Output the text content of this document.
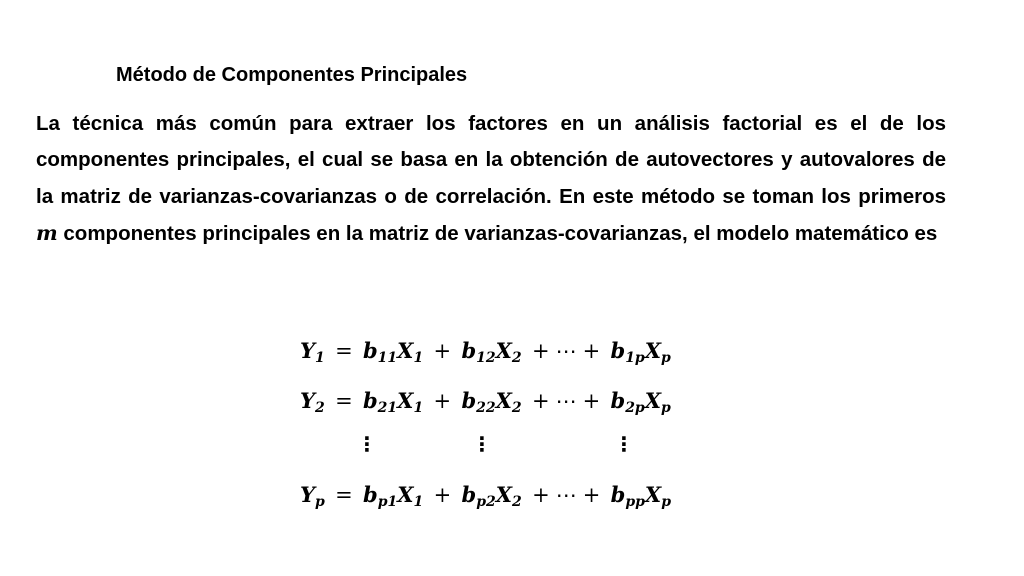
Método de Componentes Principales

La técnica más común para extraer los factores en un análisis factorial es el de los componentes principales, el cual se basa en la obtención de autovectores y autovalores de la matriz de varianzas-covarianzas o de correlación. En este método se toman los primeros m componentes principales en la matriz de varianzas-covarianzas, el modelo matemático es

$Y_1 = b_{11}X_1 + b_{12}X_2$ + ⋯ + $b_{1p}X_p$
$Y_2 = b_{21}X_1 + b_{22}X_2$ + ⋯ + $b_{2p}X_p$
⋮	⋮	⋮
$Y_p = b_{p1}X_1 + b_{p2}X_2$ + ⋯ + $b_{pp}X_p$
